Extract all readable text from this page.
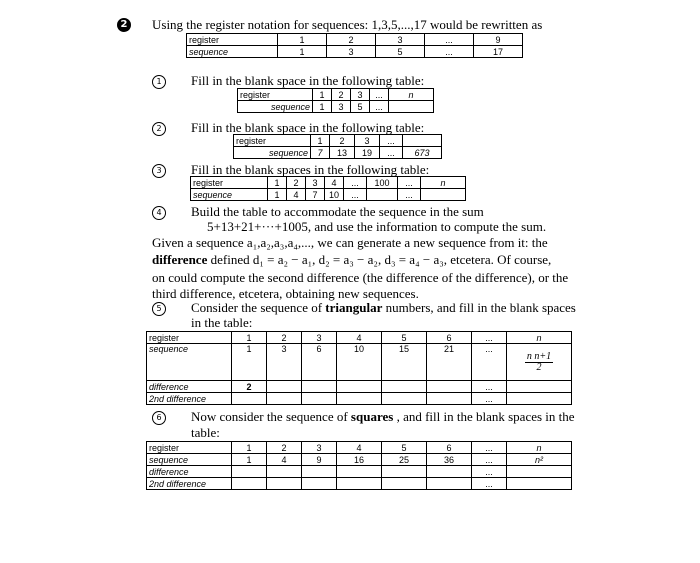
2 Using the register notation for sequences: 1,3,5,...,17 would be rewritten as
register	1	2	3	...	9
sequence	1	3	5	...	17
1	Fill in the blank space in the following table:
register	1	2	3	...	n
sequence	1	3	5	...	
2	Fill in the blank space in the following table:
register	1	2	3	...	
sequence	7	13	19	...	673
3	Fill in the blank spaces in the following table:
register	1	2	3	4	...	100	...	n
sequence	1	4	7	10	...		...	
4	Build the table to accommodate the sequence in the sum
5+13+21+···+1005, and use the information to compute the sum.
Given a sequence a₁,a₂,a₃,a₄,..., we can generate a new sequence from it: the
difference defined d₁ = a₂ − a₁, d₂ = a₃ − a₂, d₃ = a₄ − a₃, etcetera. Of course,
on could compute the second difference (the difference of the difference), or the
third difference, etcetera, obtaining new sequences.
5	Consider the sequence of triangular numbers, and fill in the blank spaces
in the table:
register	1	2	3	4	5	6	...	n
sequence	1	3	6	10	15	21	...	$\frac{\text{n n+1}}{2}$

difference	2						...	
2nd difference							...	
6	Now consider the sequence of squares , and fill in the blank spaces in the
table:
register	1	2	3	4	5	6	...	n
sequence	1	4	9	16	25	36	...	n²
difference							...	
2nd difference							...	
